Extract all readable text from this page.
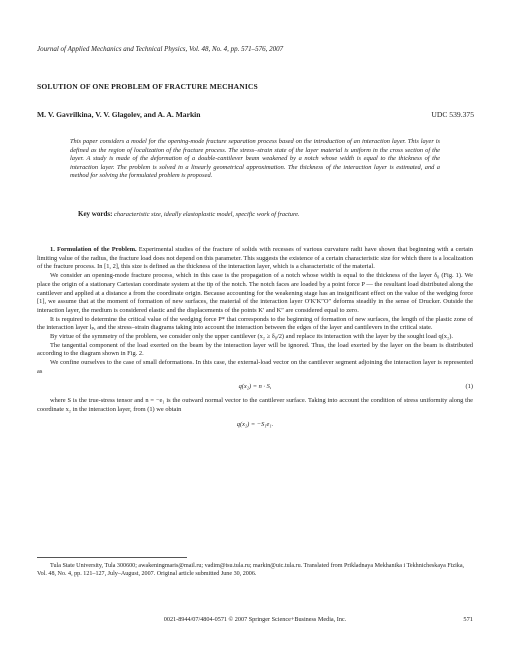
Journal of Applied Mechanics and Technical Physics, Vol. 48, No. 4, pp. 571–576, 2007
SOLUTION OF ONE PROBLEM OF FRACTURE MECHANICS
M. V. Gavrilkina, V. V. Glagolev, and A. A. Markin	UDC 539.375
This paper considers a model for the opening-mode fracture separation process based on the introduction of an interaction layer. This layer is defined as the region of localization of the fracture process. The stress–strain state of the layer material is uniform in the cross section of the layer. A study is made of the deformation of a double-cantilever beam weakened by a notch whose width is equal to the thickness of the interaction layer. The problem is solved in a linearly geometrical approximation. The thickness of the interaction layer is estimated, and a method for solving the formulated problem is proposed.
Key words: characteristic size, ideally elastoplastic model, specific work of fracture.

1. Formulation of the Problem. Experimental studies of the fracture of solids with recesses of various curvature radii have shown that beginning with a certain limiting value of the radius, the fracture load does not depend on this parameter. This suggests the existence of a certain characteristic size for which there is a localization of the fracture process. In [1, 2], this size is defined as the thickness of the interaction layer, which is a characteristic of the material.

We consider an opening-mode fracture process, which in this case is the propagation of a notch whose width is equal to the thickness of the layer δ₀ (Fig. 1). We place the origin of a stationary Cartesian coordinate system at the tip of the notch. The notch faces are loaded by a point force P — the resultant load distributed along the cantilever and applied at a distance a from the coordinate origin. Because accounting for the weakening stage has an insignificant effect on the value of the wedging force [1], we assume that at the moment of formation of new surfaces, the material of the interaction layer O′K′K″O″ deforms steadily in the sense of Drucker. Outside the interaction layer, the medium is considered elastic and the displacements of the points K′ and K″ are considered equal to zero.

It is required to determine the critical value of the wedging force P* that corresponds to the beginning of formation of new surfaces, the length of the plastic zone of the interaction layer lₚ, and the stress–strain diagrams taking into account the interaction between the edges of the layer and cantilevers in the critical state.

By virtue of the symmetry of the problem, we consider only the upper cantilever (x₂ ≥ δ₀/2) and replace its interaction with the layer by the sought load q(x₂).

The tangential component of the load exerted on the beam by the interaction layer will be ignored. Thus, the load exerted by the layer on the beam is distributed according to the diagram shown in Fig. 2.

We confine ourselves to the case of small deformations. In this case, the external-load vector on the cantilever segment adjoining the interaction layer is represented as

q(x₂) = n · S,	(1)

where S is the true-stress tensor and n = −e₁ is the outward normal vector to the cantilever surface. Taking into account the condition of stress uniformity along the coordinate x₂ in the interaction layer, from (1) we obtain

q(x₂) = −S₁e₁.

Tula State University, Tula 300600; awakeningmaris@mail.ru; vadim@tsu.tula.ru; markin@uic.tula.ru. Translated from Prikladnaya Mekhanika i Tekhnicheskaya Fizika, Vol. 48, No. 4, pp. 121–127, July–August, 2007. Original article submitted June 30, 2006.

0021-8944/07/4804-0571 © 2007 Springer Science+Business Media, Inc.	571
